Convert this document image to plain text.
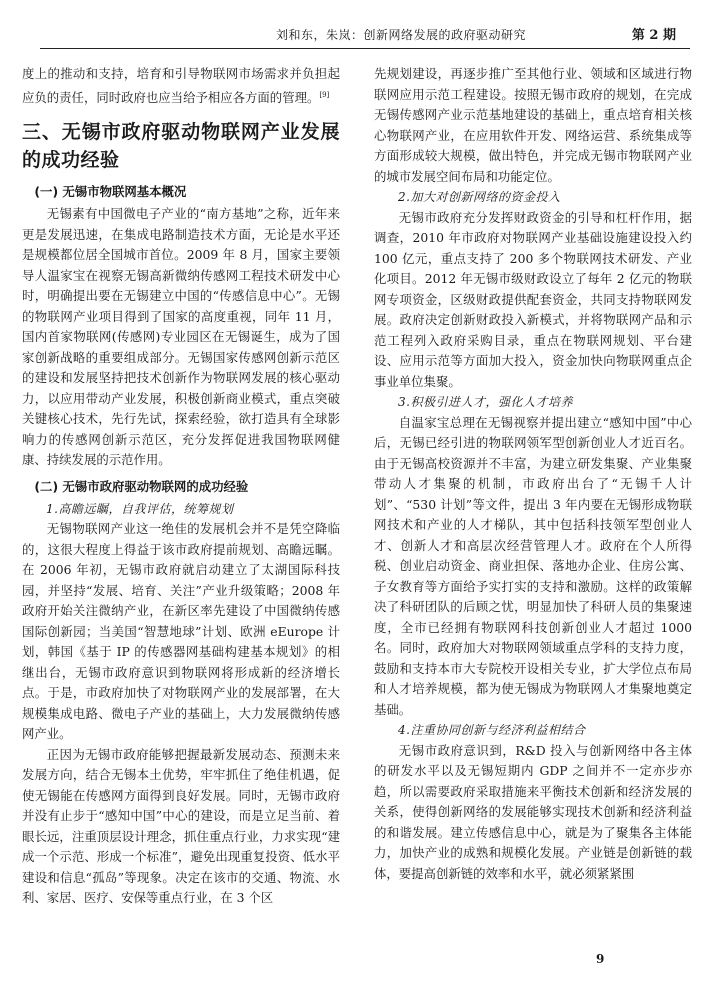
刘和东，朱岚：创新网络发展的政府驱动研究	第 2 期

度上的推动和支持，培育和引导物联网市场需求并负担起应负的责任，同时政府也应当给予相应各方面的管理。[9]

三、无锡市政府驱动物联网产业发展的成功经验
(一) 无锡市物联网基本概况

无锡素有中国微电子产业的“南方基地”之称，近年来更是发展迅速，在集成电路制造技术方面，无论是水平还是规模都位居全国城市首位。2009 年 8 月，国家主要领导人温家宝在视察无锡高新微纳传感网工程技术研发中心时，明确提出要在无锡建立中国的“传感信息中心”。无锡的物联网产业项目得到了国家的高度重视，同年 11 月，国内首家物联网(传感网)专业园区在无锡诞生，成为了国家创新战略的重要组成部分。无锡国家传感网创新示范区的建设和发展坚持把技术创新作为物联网发展的核心驱动力，以应用带动产业发展，积极创新商业模式，重点突破关键核心技术，先行先试，探索经验，欲打造具有全球影响力的传感网创新示范区，充分发挥促进我国物联网健康、持续发展的示范作用。

(二) 无锡市政府驱动物联网的成功经验
1.高瞻远瞩，自我评估，统筹规划

无锡物联网产业这一绝佳的发展机会并不是凭空降临的，这很大程度上得益于该市政府提前规划、高瞻远瞩。在 2006 年初，无锡市政府就启动建立了太湖国际科技园，并坚持“发展、培育、关注”产业升级策略；2008 年政府开始关注微纳产业，在新区率先建设了中国微纳传感国际创新园；当美国“智慧地球”计划、欧洲 eEurope 计划，韩国《基于 IP 的传感器网基础构建基本规划》的相继出台，无锡市政府意识到物联网将形成新的经济增长点。于是，市政府加快了对物联网产业的发展部署，在大规模集成电路、微电子产业的基础上，大力发展微纳传感网产业。

正因为无锡市政府能够把握最新发展动态、预测未来发展方向，结合无锡本土优势，牢牢抓住了绝佳机遇，促使无锡能在传感网方面得到良好发展。同时，无锡市政府并没有止步于“感知中国”中心的建设，而是立足当前、着眼长远，注重顶层设计理念，抓住重点行业，力求实现“建成一个示范、形成一个标准”，避免出现重复投资、低水平建设和信息“孤岛”等现象。决定在该市的交通、物流、水利、家居、医疗、安保等重点行业，在 3 个区

先规划建设，再逐步推广至其他行业、领域和区域进行物联网应用示范工程建设。按照无锡市政府的规划，在完成无锡传感网产业示范基地建设的基础上，重点培育相关核心物联网产业，在应用软件开发、网络运营、系统集成等方面形成较大规模，做出特色，并完成无锡市物联网产业的城市发展空间布局和功能定位。

2.加大对创新网络的资金投入

无锡市政府充分发挥财政资金的引导和杠杆作用，据调查，2010 年市政府对物联网产业基础设施建设投入约 100 亿元，重点支持了 200 多个物联网技术研发、产业化项目。2012 年无锡市级财政设立了每年 2 亿元的物联网专项资金，区级财政提供配套资金，共同支持物联网发展。政府决定创新财政投入新模式，并将物联网产品和示范工程列入政府采购目录，重点在物联网规划、平台建设、应用示范等方面加大投入，资金加快向物联网重点企事业单位集聚。

3.积极引进人才，强化人才培养

自温家宝总理在无锡视察并提出建立“感知中国”中心后，无锡已经引进的物联网领军型创新创业人才近百名。由于无锡高校资源并不丰富，为建立研发集聚、产业集聚带动人才集聚的机制，市政府出台了“无锡千人计划”、“530 计划”等文件，提出 3 年内要在无锡形成物联网技术和产业的人才梯队，其中包括科技领军型创业人才、创新人才和高层次经营管理人才。政府在个人所得税、创业启动资金、商业担保、落地办企业、住房公寓、子女教育等方面给予实打实的支持和激励。这样的政策解决了科研团队的后顾之忧，明显加快了科研人员的集聚速度，全市已经拥有物联网科技创新创业人才超过 1000 名。同时，政府加大对物联网领域重点学科的支持力度，鼓励和支持本市大专院校开设相关专业，扩大学位点布局和人才培养规模，都为使无锡成为物联网人才集聚地奠定基础。

4.注重协同创新与经济利益相结合

无锡市政府意识到，R&D 投入与创新网络中各主体的研发水平以及无锡短期内 GDP 之间并不一定亦步亦趋，所以需要政府采取措施来平衡技术创新和经济发展的关系，使得创新网络的发展能够实现技术创新和经济利益的和谐发展。建立传感信息中心，就是为了聚集各主体能力，加快产业的成熟和规模化发展。产业链是创新链的载体，要提高创新链的效率和水平，就必须紧紧围

9
